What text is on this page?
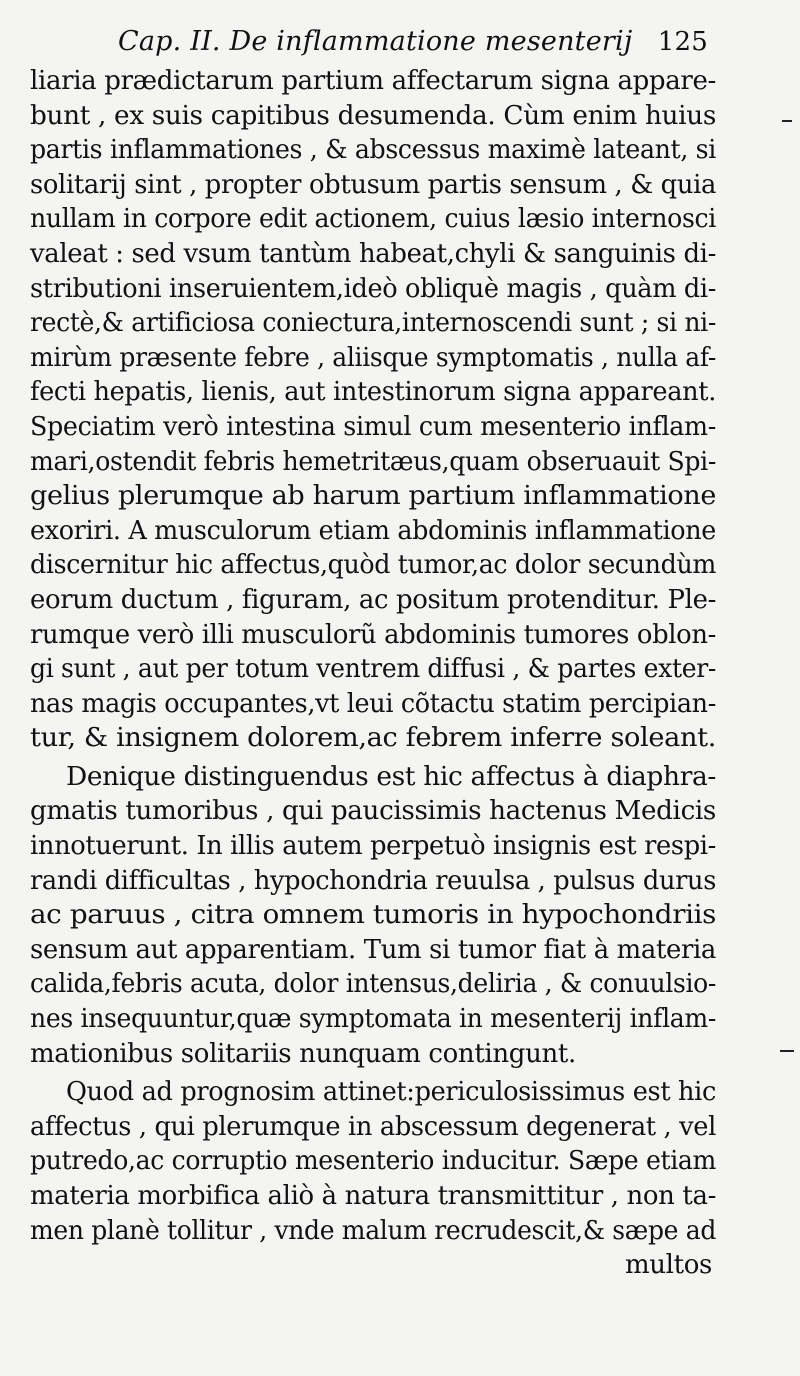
Cap. II. De inflammatione mesenterij 125
liaria prædictarum partium affectarum signa appare-
bunt , ex suis capitibus desumenda. Cùm enim huius
partis inflammationes , & abscessus maximè lateant, si
solitarij sint , propter obtusum partis sensum , & quia
nullam in corpore edit actionem, cuius læsio internosci
valeat : sed vsum tantùm habeat,chyli & sanguinis di-
stributioni inseruientem,ideò obliquè magis , quàm di-
rectè,& artificiosa coniectura,internoscendi sunt ; si ni-
mirùm præsente febre , aliisque symptomatis , nulla af-
fecti hepatis, lienis, aut intestinorum signa appareant.
Speciatim verò intestina simul cum mesenterio inflam-
mari,ostendit febris hemetritæus,quam obseruauit Spi-
gelius plerumque ab harum partium inflammatione
exoriri. A musculorum etiam abdominis inflammatione
discernitur hic affectus,quòd tumor,ac dolor secundùm
eorum ductum , figuram, ac positum protenditur. Ple-
rumque verò illi musculorũ abdominis tumores oblon-
gi sunt , aut per totum ventrem diffusi , & partes exter-
nas magis occupantes,vt leui cõtactu statim percipian-
tur, & insignem dolorem,ac febrem inferre soleant.
Denique distinguendus est hic affectus à diaphra-
gmatis tumoribus , qui paucissimis hactenus Medicis
innotuerunt. In illis autem perpetuò insignis est respi-
randi difficultas , hypochondria reuulsa , pulsus durus
ac paruus , citra omnem tumoris in hypochondriis
sensum aut apparentiam. Tum si tumor fiat à materia
calida,febris acuta, dolor intensus,deliria , & conuulsio-
nes insequuntur,quæ symptomata in mesenterij inflam-
mationibus solitariis nunquam contingunt.
Quod ad prognosim attinet:periculosissimus est hic
affectus , qui plerumque in abscessum degenerat , vel
putredo,ac corruptio mesenterio inducitur. Sæpe etiam
materia morbifica aliò à natura transmittitur , non ta-
men planè tollitur , vnde malum recrudescit,& sæpe ad
multos
